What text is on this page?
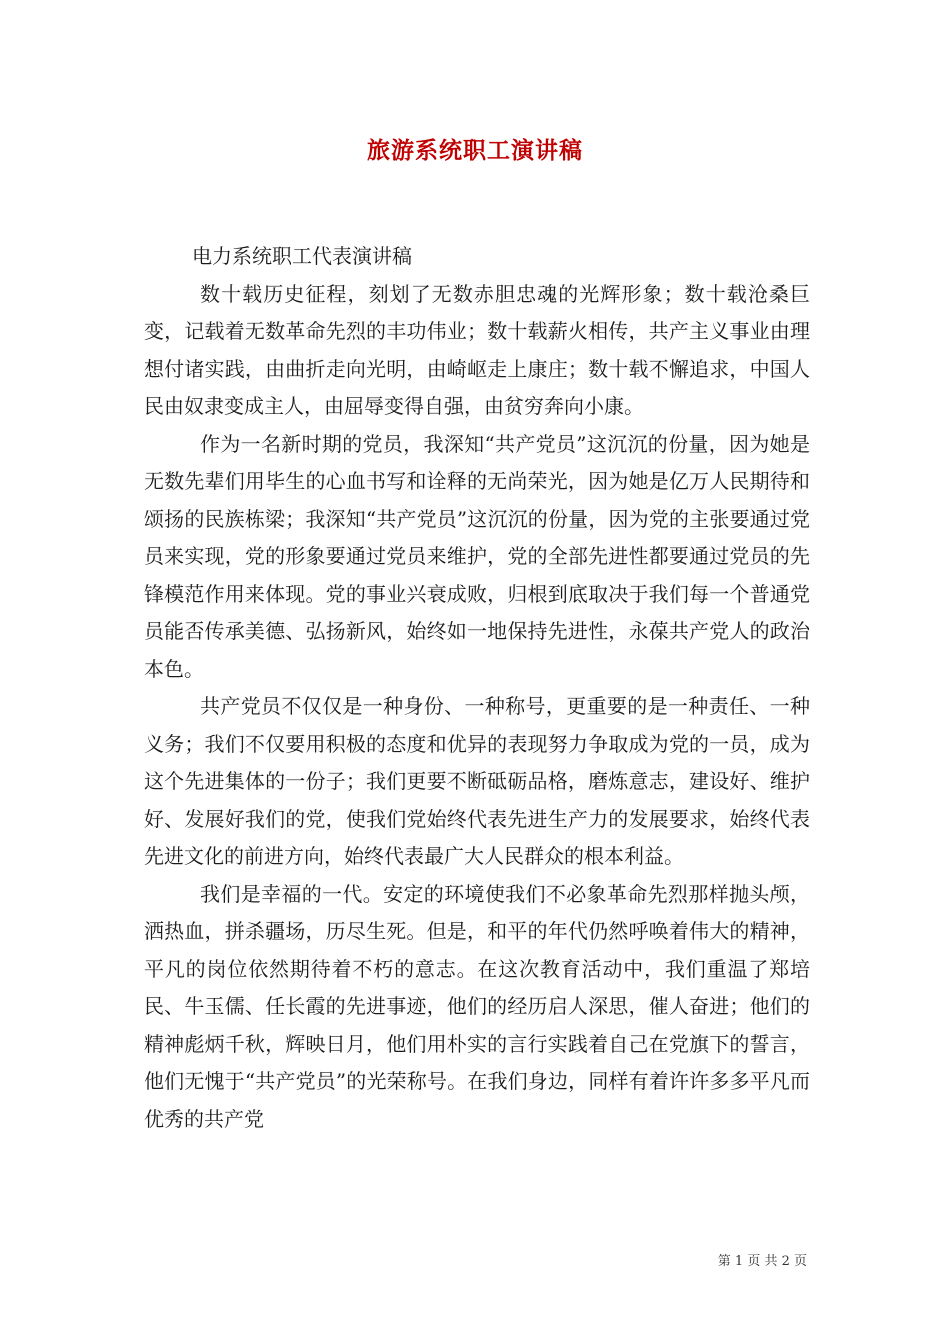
旅游系统职工演讲稿

电力系统职工代表演讲稿

数十载历史征程，刻划了无数赤胆忠魂的光辉形象；数十载沧桑巨变，记载着无数革命先烈的丰功伟业；数十载薪火相传，共产主义事业由理想付诸实践，由曲折走向光明，由崎岖走上康庄；数十载不懈追求，中国人民由奴隶变成主人，由屈辱变得自强，由贫穷奔向小康。

作为一名新时期的党员，我深知“共产党员”这沉沉的份量，因为她是无数先辈们用毕生的心血书写和诠释的无尚荣光，因为她是亿万人民期待和颂扬的民族栋梁；我深知“共产党员”这沉沉的份量，因为党的主张要通过党员来实现，党的形象要通过党员来维护，党的全部先进性都要通过党员的先锋模范作用来体现。党的事业兴衰成败，归根到底取决于我们每一个普通党员能否传承美德、弘扬新风，始终如一地保持先进性，永葆共产党人的政治本色。

共产党员不仅仅是一种身份、一种称号，更重要的是一种责任、一种义务；我们不仅要用积极的态度和优异的表现努力争取成为党的一员，成为这个先进集体的一份子；我们更要不断砥砺品格，磨炼意志，建设好、维护好、发展好我们的党，使我们党始终代表先进生产力的发展要求，始终代表先进文化的前进方向，始终代表最广大人民群众的根本利益。

我们是幸福的一代。安定的环境使我们不必象革命先烈那样抛头颅，洒热血，拼杀疆场，历尽生死。但是，和平的年代仍然呼唤着伟大的精神，平凡的岗位依然期待着不朽的意志。在这次教育活动中，我们重温了郑培民、牛玉儒、任长霞的先进事迹，他们的经历启人深思，催人奋进；他们的精神彪炳千秋，辉映日月，他们用朴实的言行实践着自己在党旗下的誓言，他们无愧于“共产党员”的光荣称号。在我们身边，同样有着许许多多平凡而优秀的共产党

第 1 页 共 2 页
